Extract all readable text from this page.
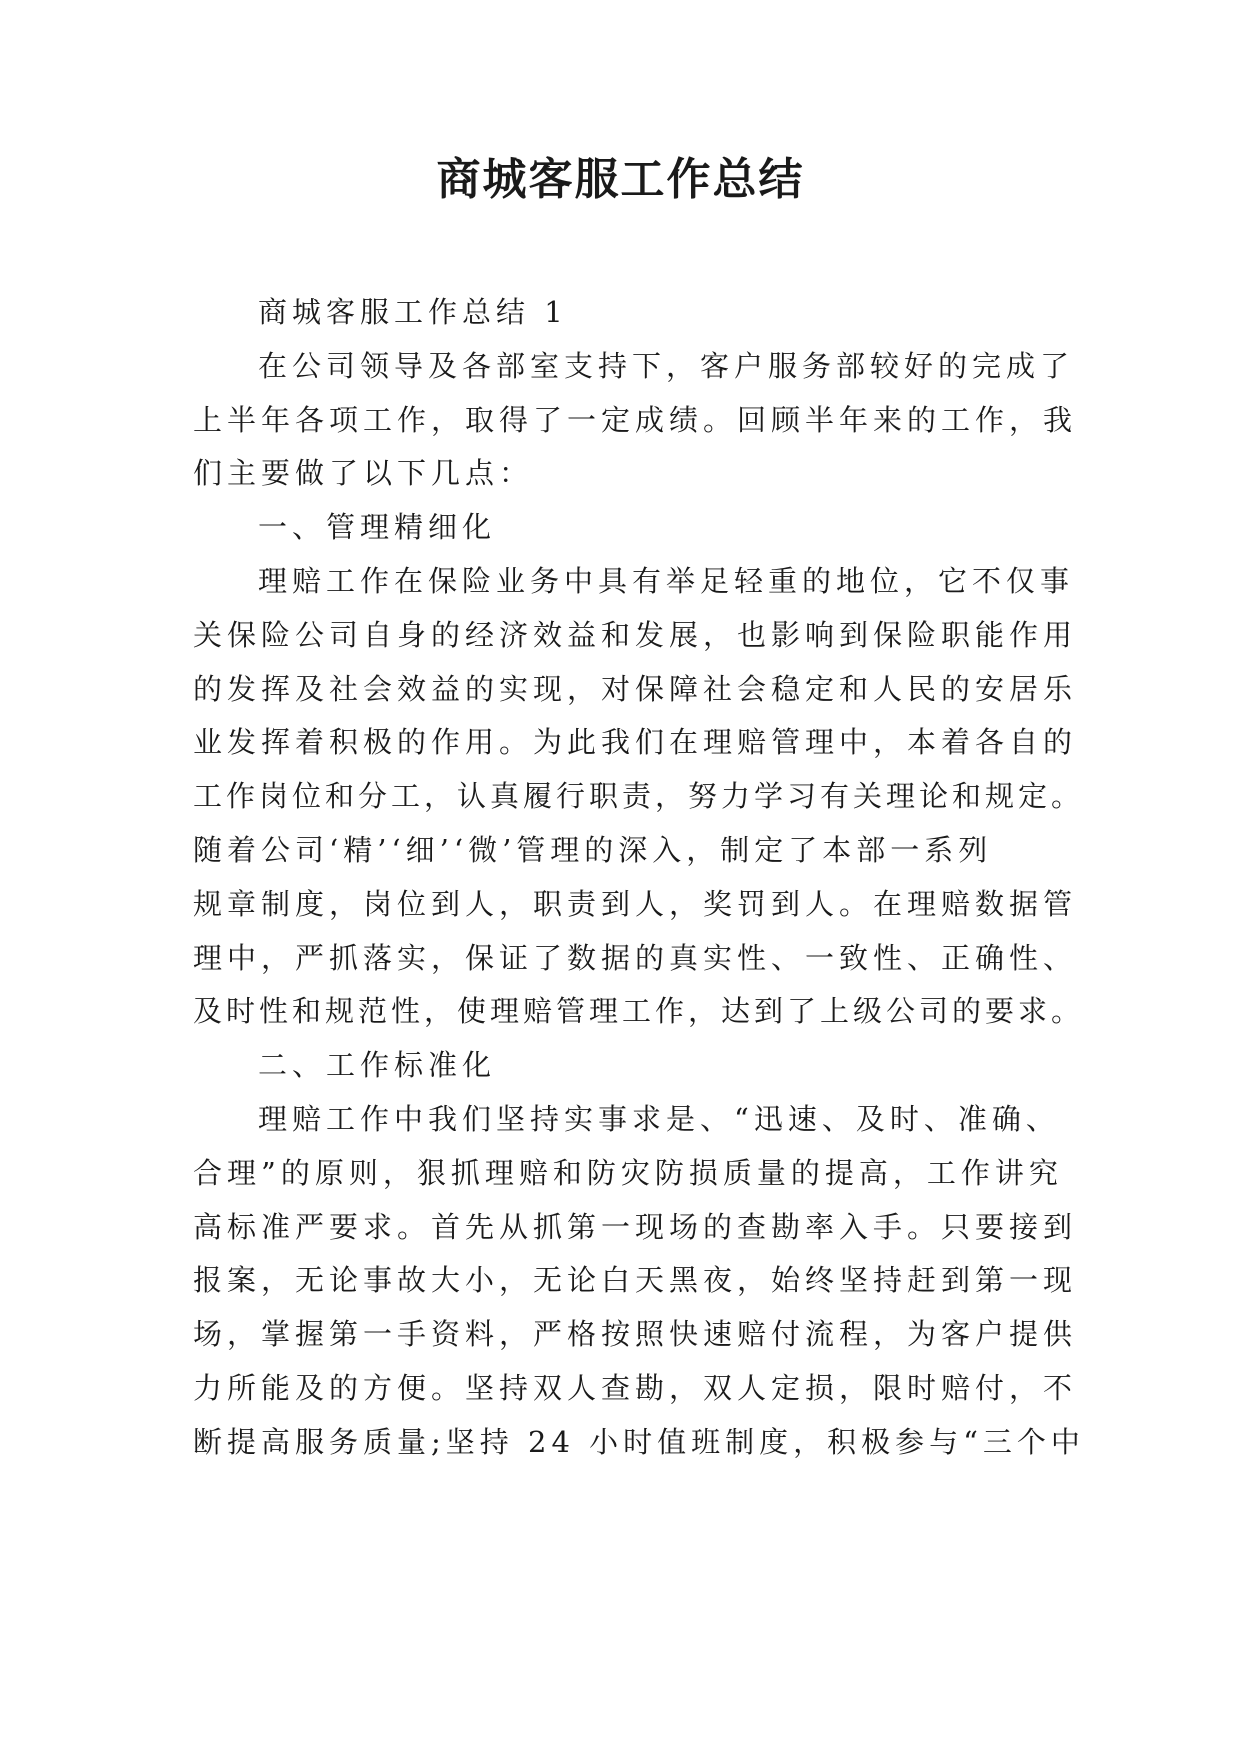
商城客服工作总结
商城客服工作总结 1
在公司领导及各部室支持下，客户服务部较好的完成了
上半年各项工作，取得了一定成绩。回顾半年来的工作，我
们主要做了以下几点：
一、管理精细化
理赔工作在保险业务中具有举足轻重的地位，它不仅事
关保险公司自身的经济效益和发展，也影响到保险职能作用
的发挥及社会效益的实现，对保障社会稳定和人民的安居乐
业发挥着积极的作用。为此我们在理赔管理中，本着各自的
工作岗位和分工，认真履行职责，努力学习有关理论和规定。
随着公司‘精’‘细’‘微’管理的深入，制定了本部一系列
规章制度，岗位到人，职责到人，奖罚到人。在理赔数据管
理中，严抓落实，保证了数据的真实性、一致性、正确性、
及时性和规范性，使理赔管理工作，达到了上级公司的要求。
二、工作标准化
理赔工作中我们坚持实事求是、“迅速、及时、准确、
合理”的原则，狠抓理赔和防灾防损质量的提高，工作讲究
高标准严要求。首先从抓第一现场的查勘率入手。只要接到
报案，无论事故大小，无论白天黑夜，始终坚持赶到第一现
场，掌握第一手资料，严格按照快速赔付流程，为客户提供
力所能及的方便。坚持双人查勘，双人定损，限时赔付，不
断提高服务质量;坚持 24 小时值班制度，积极参与“三个中
